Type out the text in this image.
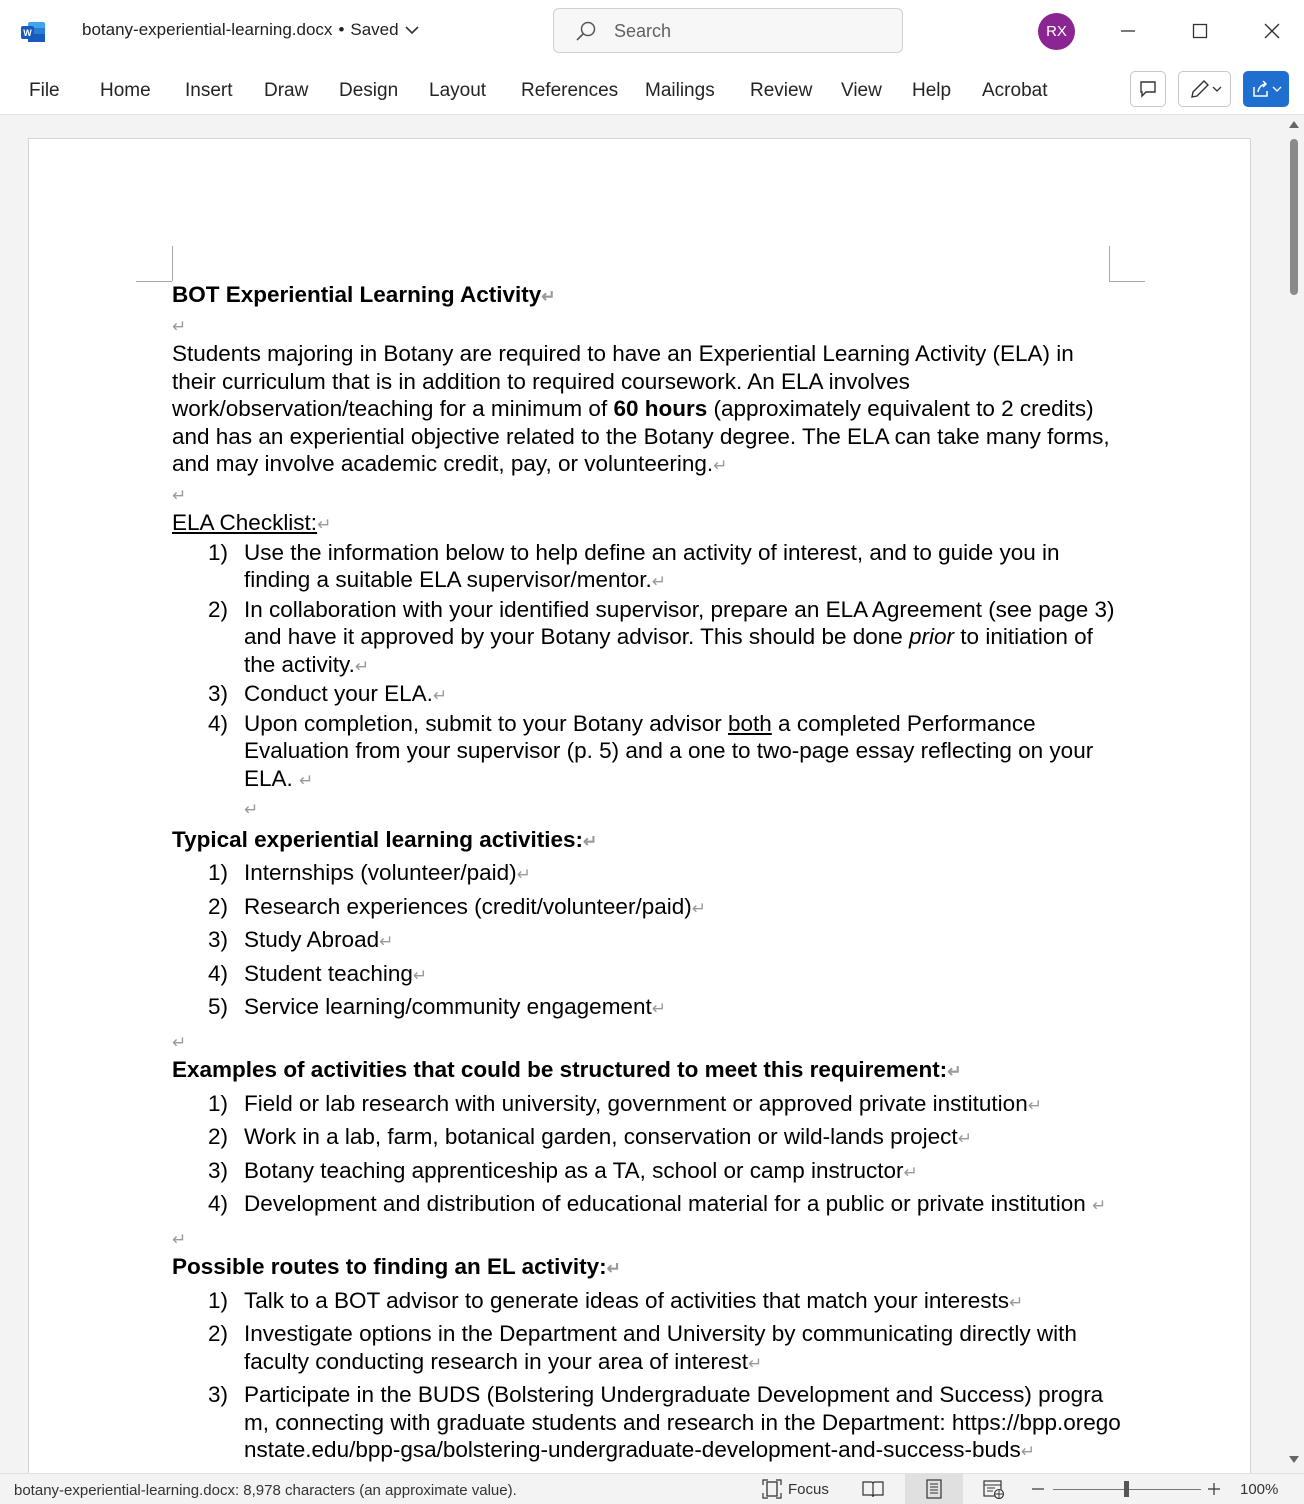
W	botany-experiential-learning.docx • Saved	Search	RX
File Home Insert Draw Design Layout References Mailings Review View Help Acrobat

BOT Experiential Learning Activity↵

↵

Students majoring in Botany are required to have an Experiential Learning Activity (ELA) in their curriculum that is in addition to required coursework. An ELA involves work/observation/teaching for a minimum of 60 hours (approximately equivalent to 2 credits) and has an experiential objective related to the Botany degree. The ELA can take many forms, and may involve academic credit, pay, or volunteering.↵

↵

ELA Checklist:↵

1) Use the information below to help define an activity of interest, and to guide you in finding a suitable ELA supervisor/mentor.↵
2) In collaboration with your identified supervisor, prepare an ELA Agreement (see page 3) and have it approved by your Botany advisor. This should be done prior to initiation of the activity.↵
3) Conduct your ELA.↵
4) Upon completion, submit to your Botany advisor both a completed Performance Evaluation from your supervisor (p. 5) and a one to two-page essay reflecting on your ELA. ↵
↵

Typical experiential learning activities:↵

1) Internships (volunteer/paid)↵
2) Research experiences (credit/volunteer/paid)↵
3) Study Abroad↵
4) Student teaching↵
5) Service learning/community engagement↵

↵

Examples of activities that could be structured to meet this requirement:↵

1) Field or lab research with university, government or approved private institution↵
2) Work in a lab, farm, botanical garden, conservation or wild-lands project↵
3) Botany teaching apprenticeship as a TA, school or camp instructor↵
4) Development and distribution of educational material for a public or private institution ↵

↵

Possible routes to finding an EL activity:↵

1) Talk to a BOT advisor to generate ideas of activities that match your interests↵
2) Investigate options in the Department and University by communicating directly with faculty conducting research in your area of interest↵
3) Participate in the BUDS (Bolstering Undergraduate Development and Success) program, connecting with graduate students and research in the Department: https://bpp.oregonstate.edu/bpp-gsa/bolstering-undergraduate-development-and-success-buds↵
botany-experiential-learning.docx: 8,978 characters (an approximate value).	Focus	100%
